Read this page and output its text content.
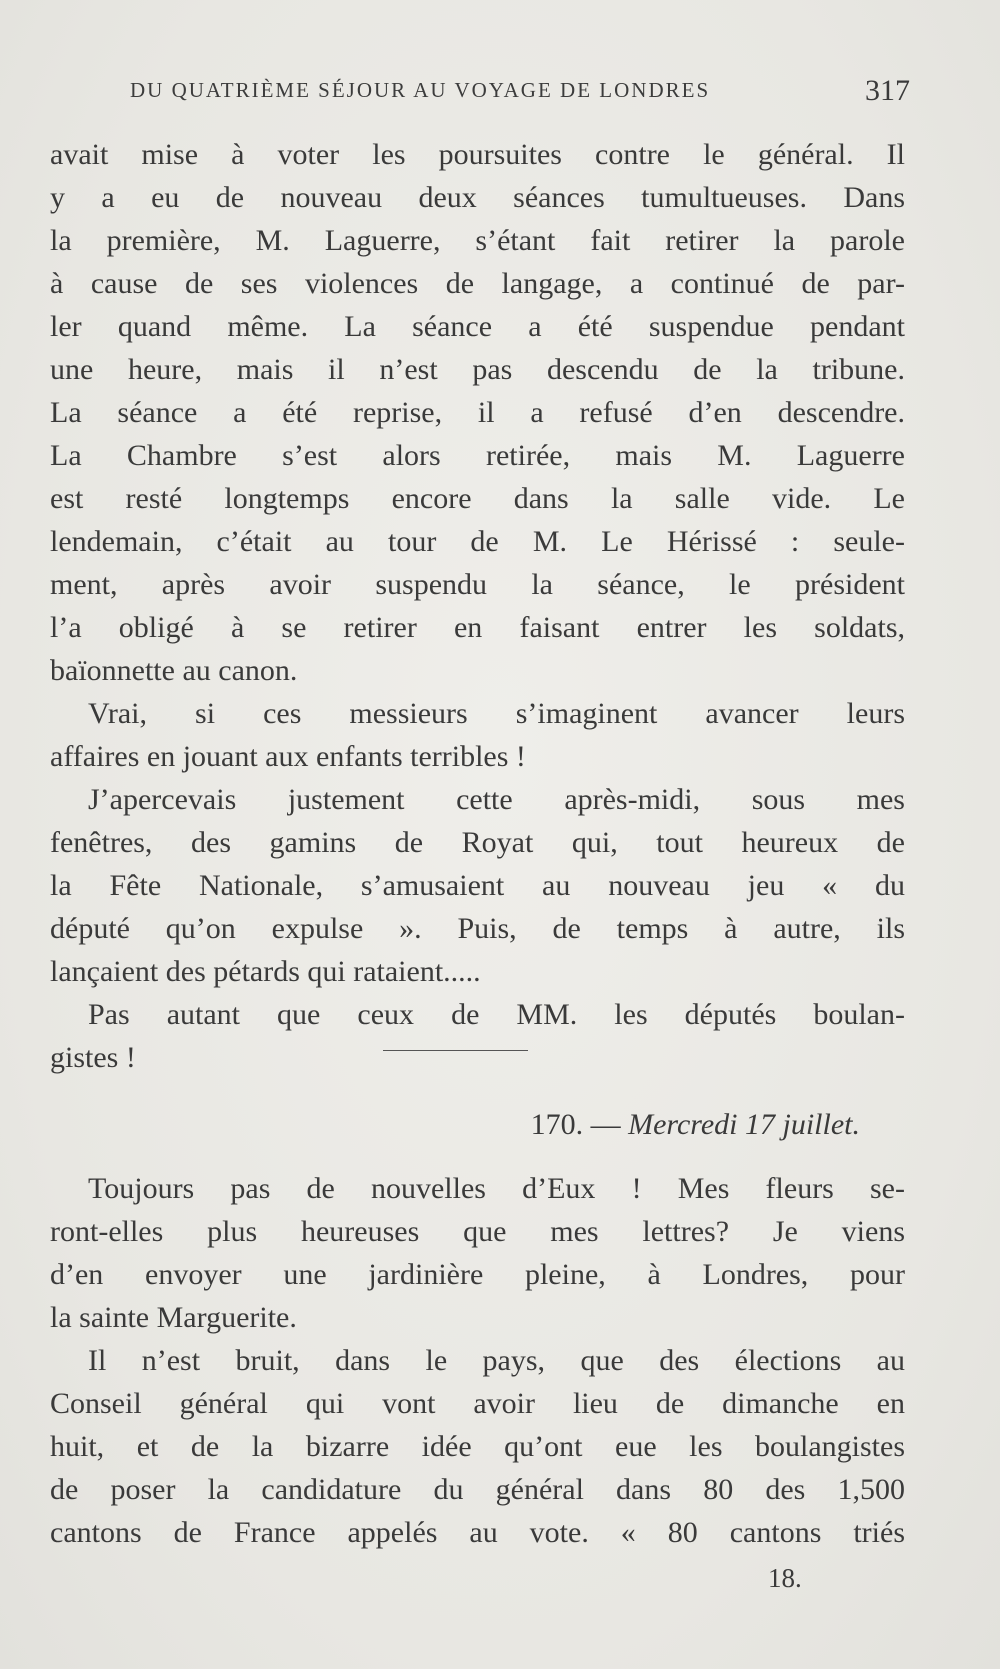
DU QUATRIÈME SÉJOUR AU VOYAGE DE LONDRES	317
avait mise à voter les poursuites contre le général. Il
y a eu de nouveau deux séances tumultueuses. Dans
la première, M. Laguerre, s’étant fait retirer la parole
à cause de ses violences de langage, a continué de par-
ler quand même. La séance a été suspendue pendant
une heure, mais il n’est pas descendu de la tribune.
La séance a été reprise, il a refusé d’en descendre.
La Chambre s’est alors retirée, mais M. Laguerre
est resté longtemps encore dans la salle vide. Le
lendemain, c’était au tour de M. Le Hérissé : seule-
ment, après avoir suspendu la séance, le président
l’a obligé à se retirer en faisant entrer les soldats,
baïonnette au canon.
Vrai, si ces messieurs s’imaginent avancer leurs
affaires en jouant aux enfants terribles !
J’apercevais justement cette après-midi, sous mes
fenêtres, des gamins de Royat qui, tout heureux de
la Fête Nationale, s’amusaient au nouveau jeu « du
député qu’on expulse ». Puis, de temps à autre, ils
lançaient des pétards qui rataient.....
Pas autant que ceux de MM. les députés boulan-
gistes !
170. — Mercredi 17 juillet.
Toujours pas de nouvelles d’Eux ! Mes fleurs se-
ront-elles plus heureuses que mes lettres? Je viens
d’en envoyer une jardinière pleine, à Londres, pour
la sainte Marguerite.
Il n’est bruit, dans le pays, que des élections au
Conseil général qui vont avoir lieu de dimanche en
huit, et de la bizarre idée qu’ont eue les boulangistes
de poser la candidature du général dans 80 des 1,500
cantons de France appelés au vote. « 80 cantons triés
18.
